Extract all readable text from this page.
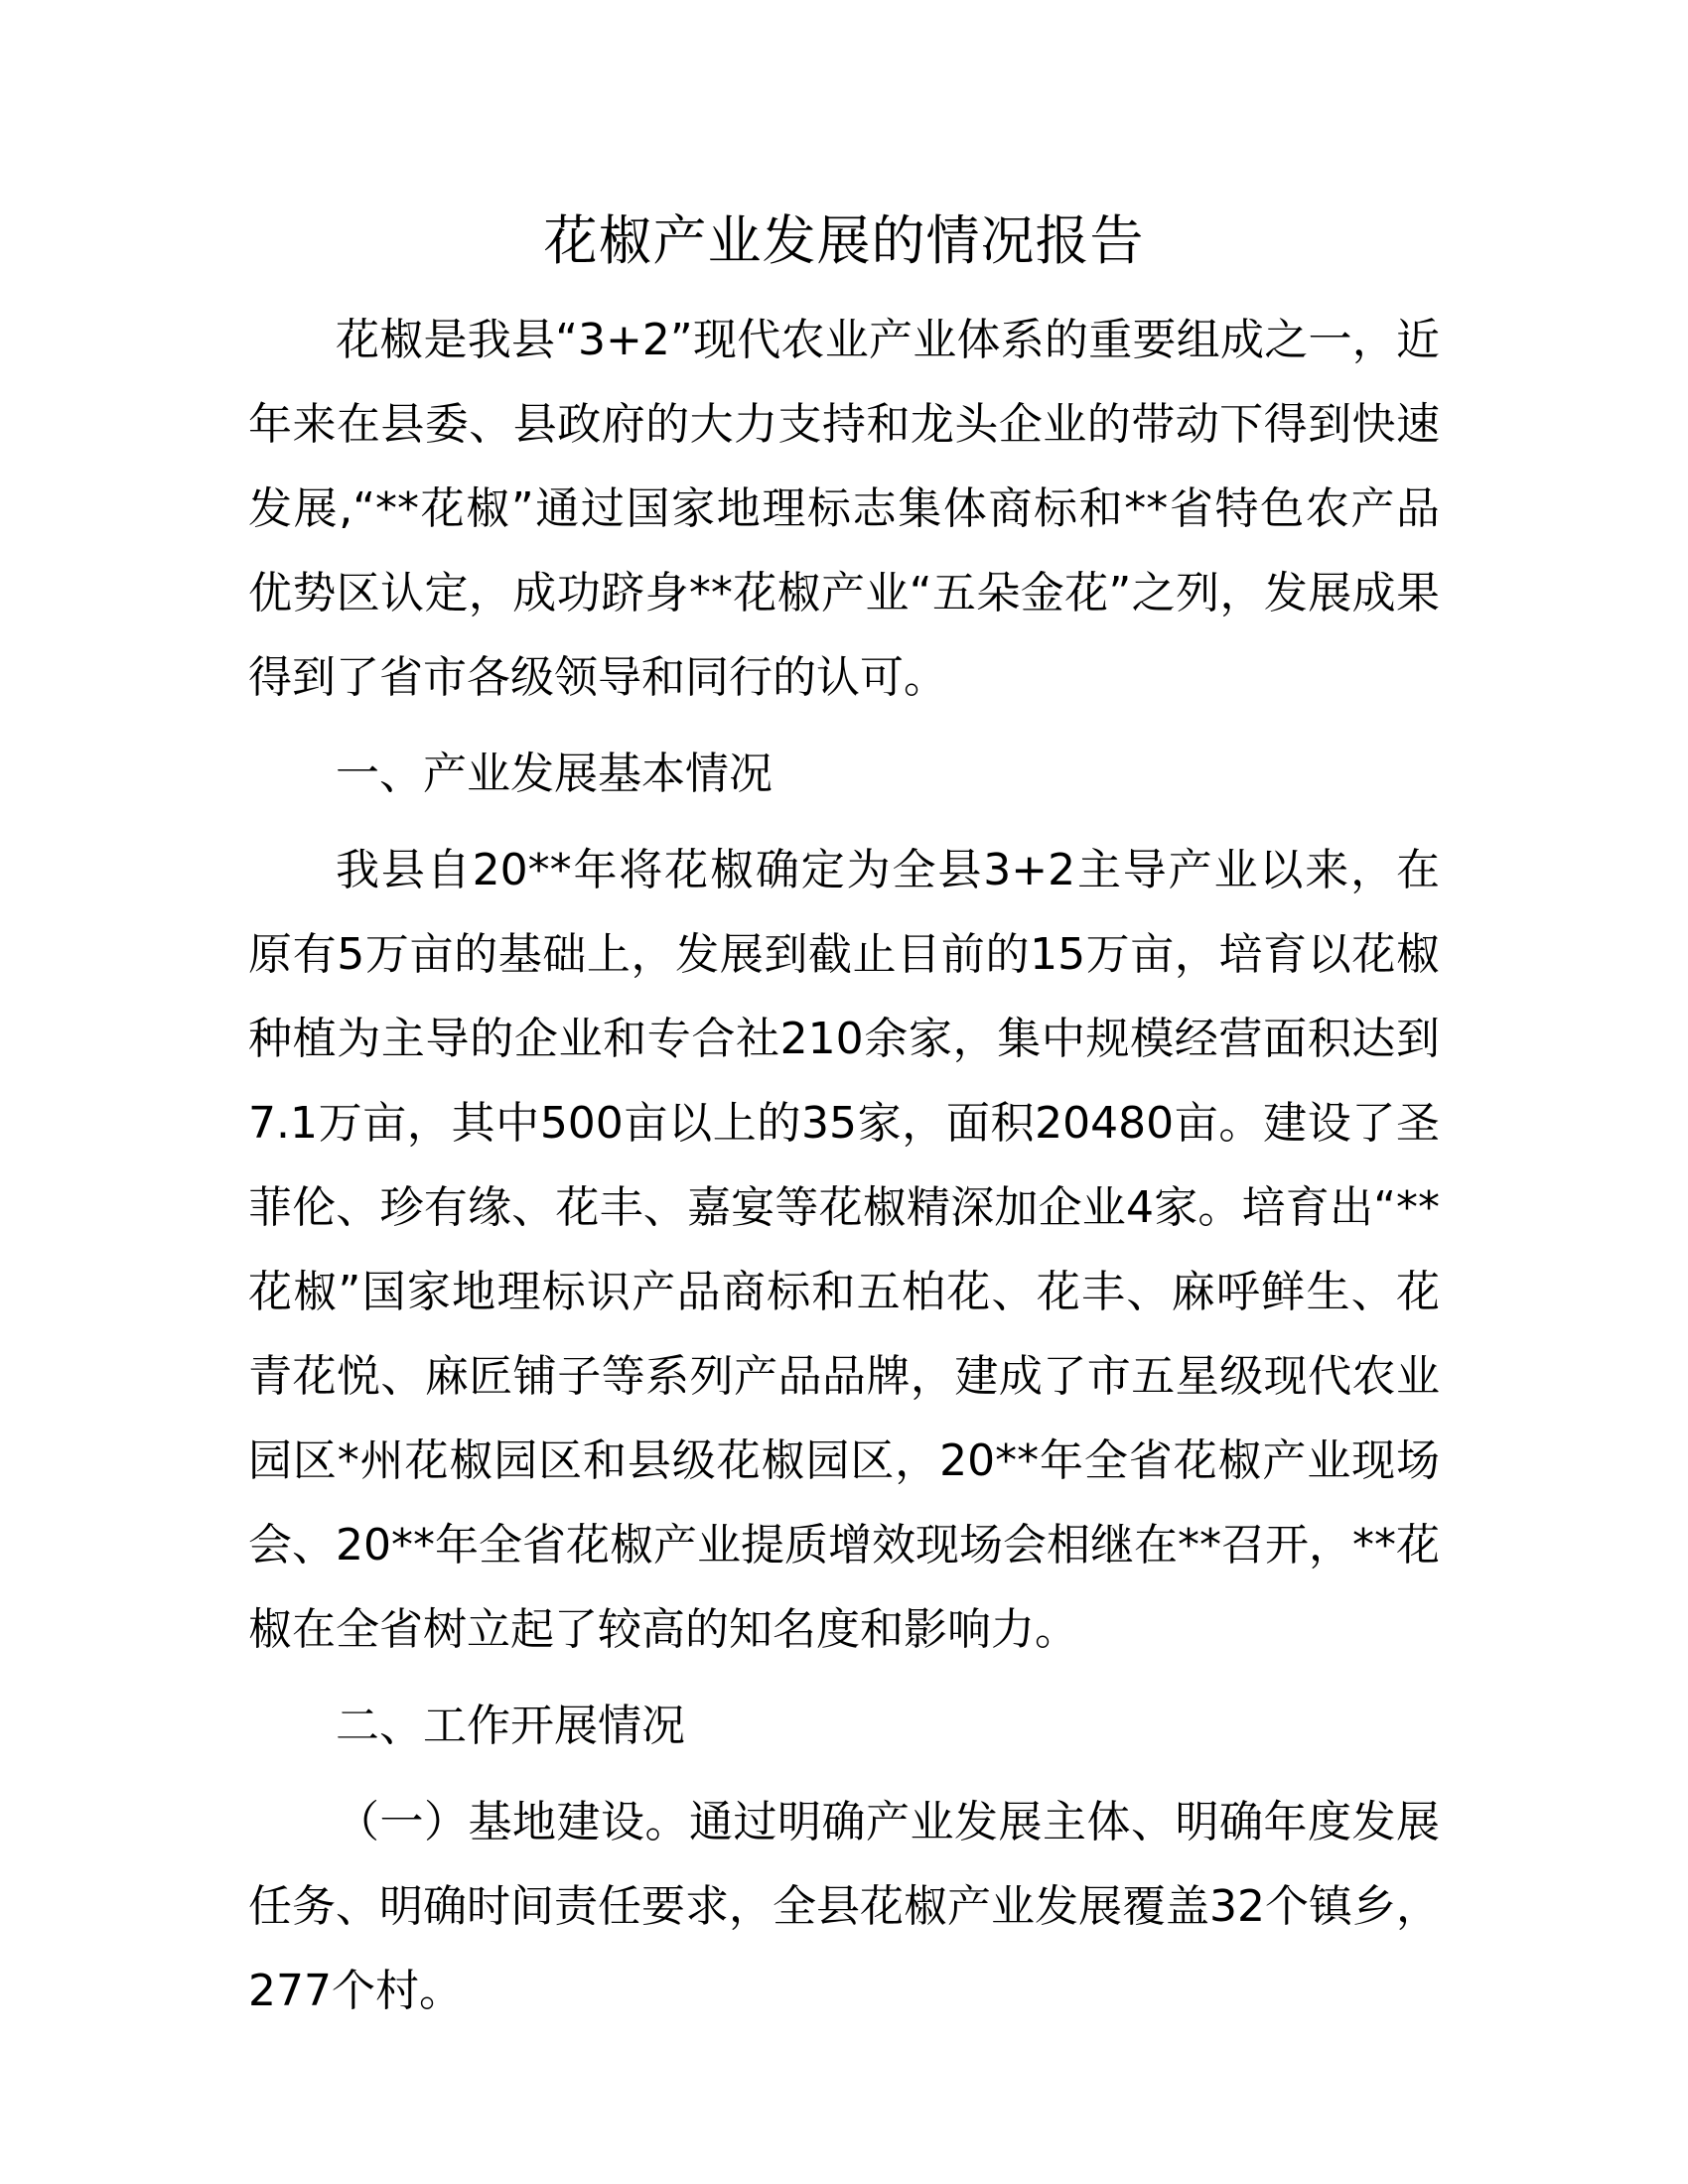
花椒产业发展的情况报告

花椒是我县“3+2”现代农业产业体系的重要组成之一，近年来在县委、县政府的大力支持和龙头企业的带动下得到快速发展,“**花椒”通过国家地理标志集体商标和**省特色农产品优势区认定，成功跻身**花椒产业“五朵金花”之列，发展成果得到了省市各级领导和同行的认可。

一、产业发展基本情况

我县自20**年将花椒确定为全县3+2主导产业以来，在原有5万亩的基础上，发展到截止目前的15万亩，培育以花椒种植为主导的企业和专合社210余家，集中规模经营面积达到7.1万亩，其中500亩以上的35家，面积20480亩。建设了圣菲伦、珍有缘、花丰、嘉宴等花椒精深加企业4家。培育出“**花椒”国家地理标识产品商标和五柏花、花丰、麻呼鲜生、花青花悦、麻匠铺子等系列产品品牌，建成了市五星级现代农业园区*州花椒园区和县级花椒园区，20**年全省花椒产业现场会、20**年全省花椒产业提质增效现场会相继在**召开，**花椒在全省树立起了较高的知名度和影响力。

二、工作开展情况

（一）基地建设。通过明确产业发展主体、明确年度发展任务、明确时间责任要求，全县花椒产业发展覆盖32个镇乡，277个村。
